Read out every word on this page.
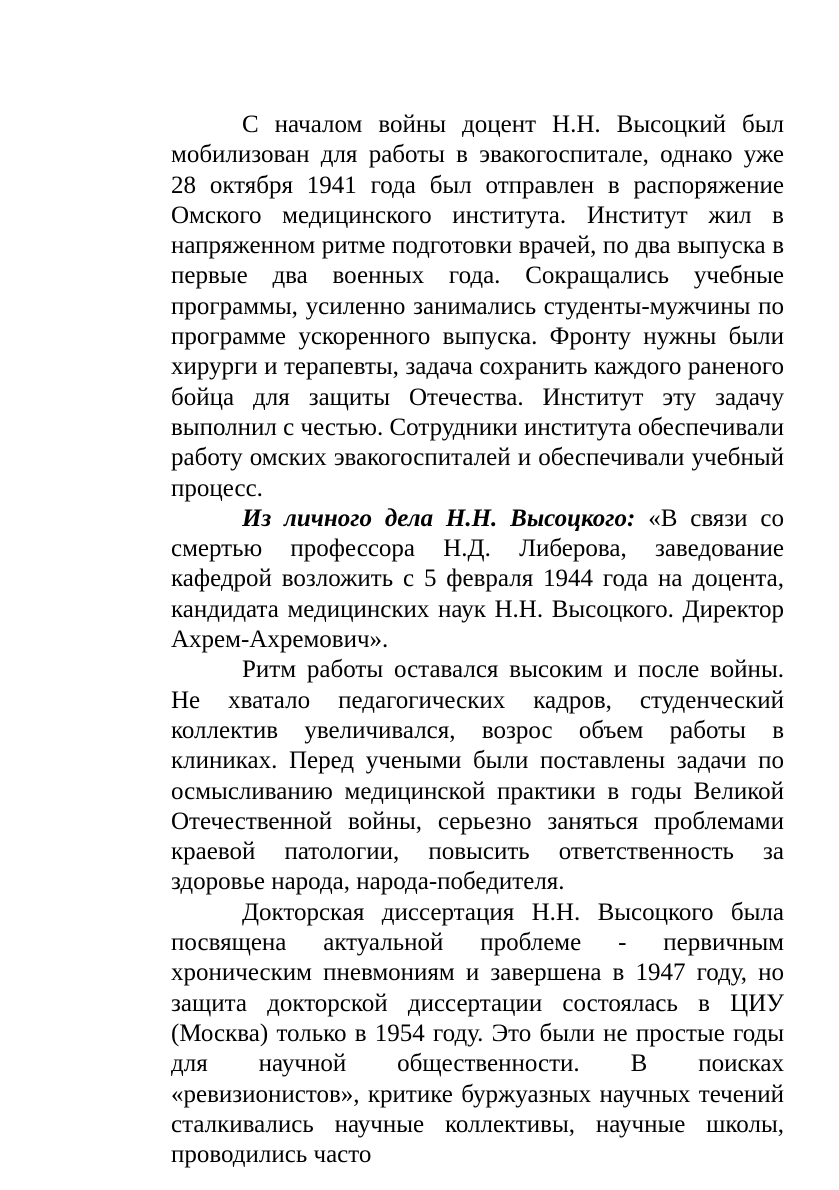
С началом войны доцент Н.Н. Высоцкий был мобилизован для работы в эвакогоспитале, однако уже 28 октября 1941 года был отправлен в распоряжение Омского медицинского института. Институт жил в напряженном ритме подготовки врачей, по два выпуска в первые два военных года. Сокращались учебные программы, усиленно занимались студенты-мужчины по программе ускоренного выпуска. Фронту нужны были хирурги и терапевты, задача сохранить каждого раненого бойца для защиты Отечества. Институт эту задачу выполнил с честью. Сотрудники института обеспечивали работу омских эвакогоспиталей и обеспечивали учебный процесс.

Из личного дела Н.Н. Высоцкого: «В связи со смертью профессора Н.Д. Либерова, заведование кафедрой возложить с 5 февраля 1944 года на доцента, кандидата медицинских наук Н.Н. Высоцкого. Директор Ахрем-Ахремович».

Ритм работы оставался высоким и после войны. Не хватало педагогических кадров, студенческий коллектив увеличивался, возрос объем работы в клиниках. Перед учеными были поставлены задачи по осмысливанию медицинской практики в годы Великой Отечественной войны, серьезно заняться проблемами краевой патологии, повысить ответственность за здоровье народа, народа-победителя.

Докторская диссертация Н.Н. Высоцкого была посвящена актуальной проблеме - первичным хроническим пневмониям и завершена в 1947 году, но защита докторской диссертации состоялась в ЦИУ (Москва) только в 1954 году. Это были не простые годы для научной общественности. В поисках «ревизионистов», критике буржуазных научных течений сталкивались научные коллективы, научные школы, проводились часто
